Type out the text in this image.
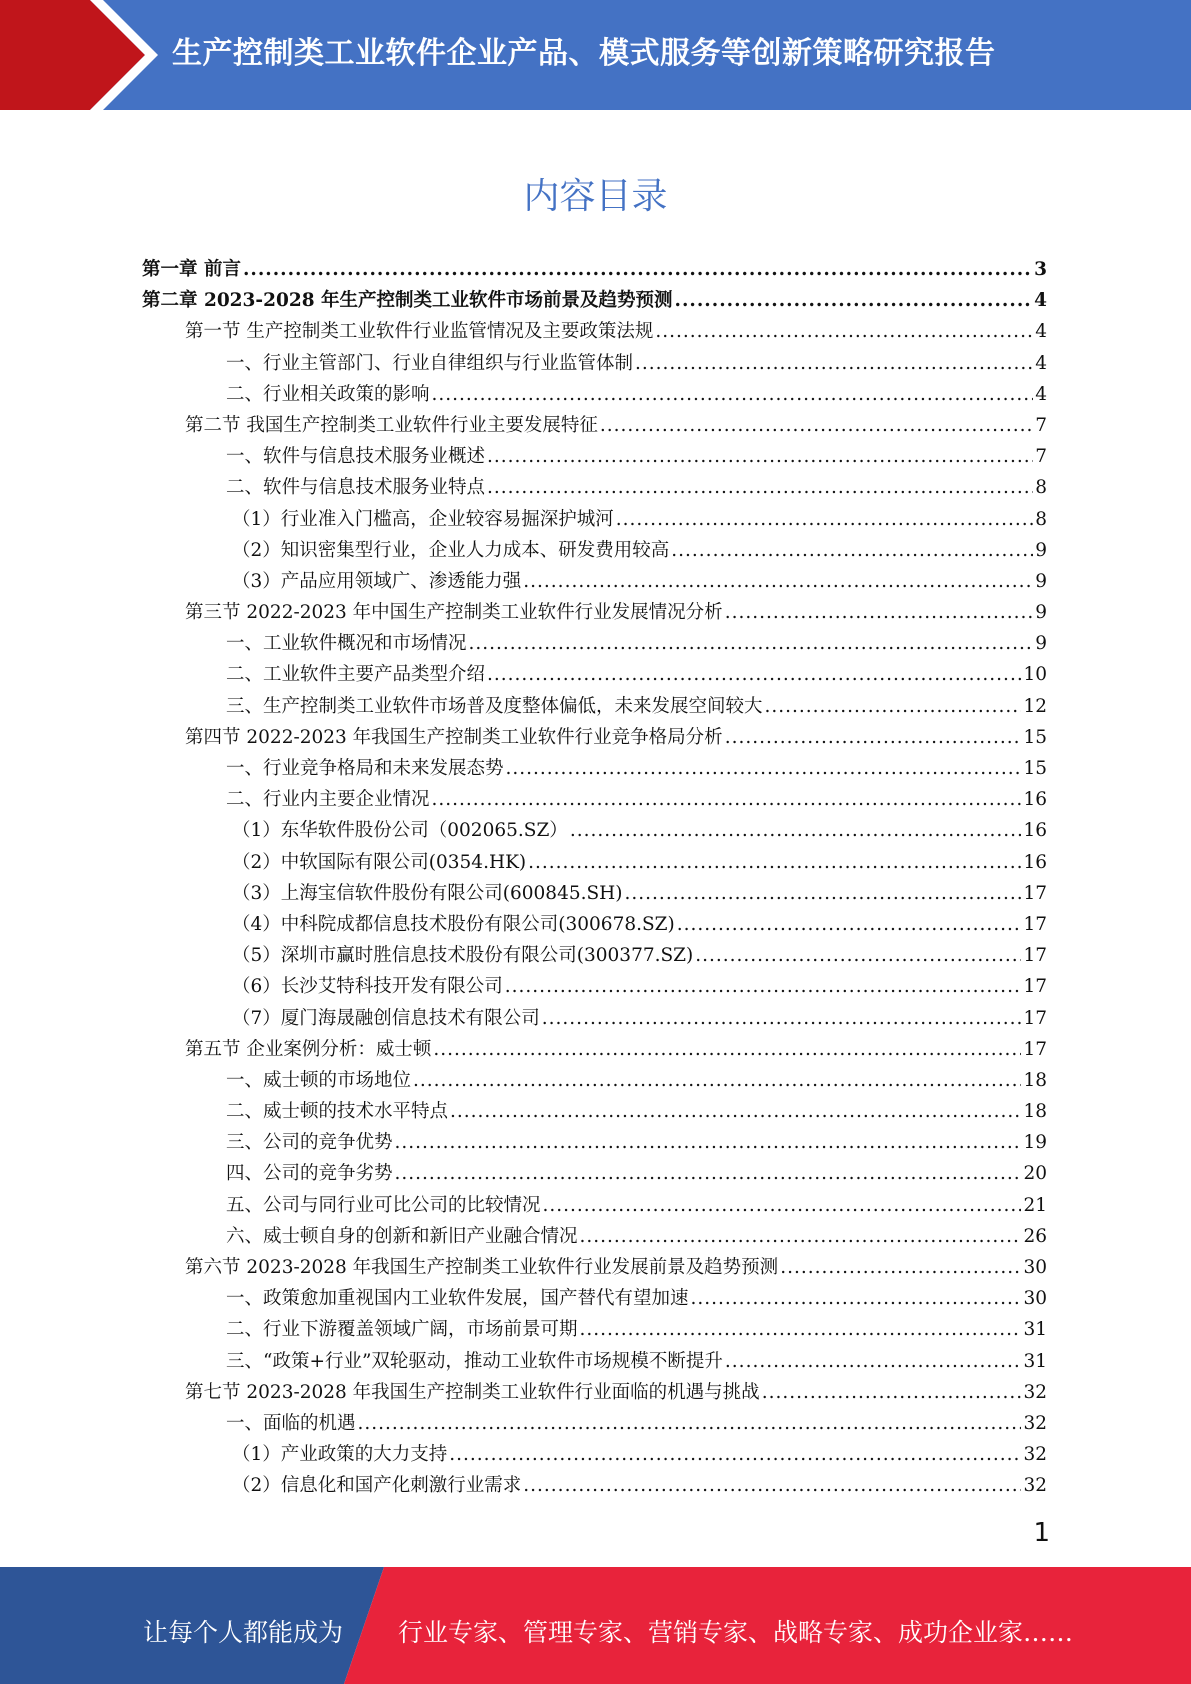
生产控制类工业软件企业产品、模式服务等创新策略研究报告
内容目录
第一章 前言 .....	3
第二章 2023-2028 年生产控制类工业软件市场前景及趋势预测 .....	4
第一节 生产控制类工业软件行业监管情况及主要政策法规 .....	4
一、行业主管部门、行业自律组织与行业监管体制 .....	4
二、行业相关政策的影响 .....	4
第二节 我国生产控制类工业软件行业主要发展特征 .....	7
一、软件与信息技术服务业概述 .....	7
二、软件与信息技术服务业特点 .....	8
（1）行业准入门槛高，企业较容易掘深护城河 .....	8
（2）知识密集型行业，企业人力成本、研发费用较高 .....	9
（3）产品应用领域广、渗透能力强 .....	9
第三节 2022-2023 年中国生产控制类工业软件行业发展情况分析 .....	9
一、工业软件概况和市场情况 .....	9
二、工业软件主要产品类型介绍 .....	10
三、生产控制类工业软件市场普及度整体偏低，未来发展空间较大 .....	12
第四节 2022-2023 年我国生产控制类工业软件行业竞争格局分析 .....	15
一、行业竞争格局和未来发展态势 .....	15
二、行业内主要企业情况 .....	16
（1）东华软件股份公司（002065.SZ） .....	16
（2）中软国际有限公司(0354.HK) .....	16
（3）上海宝信软件股份有限公司(600845.SH) .....	17
（4）中科院成都信息技术股份有限公司(300678.SZ) .....	17
（5）深圳市赢时胜信息技术股份有限公司(300377.SZ) .....	17
（6）长沙艾特科技开发有限公司 .....	17
（7）厦门海晟融创信息技术有限公司 .....	17
第五节 企业案例分析：威士顿 .....	17
一、威士顿的市场地位 .....	18
二、威士顿的技术水平特点 .....	18
三、公司的竞争优势 .....	19
四、公司的竞争劣势 .....	20
五、公司与同行业可比公司的比较情况 .....	21
六、威士顿自身的创新和新旧产业融合情况 .....	26
第六节 2023-2028 年我国生产控制类工业软件行业发展前景及趋势预测 .....	30
一、政策愈加重视国内工业软件发展，国产替代有望加速 .....	30
二、行业下游覆盖领域广阔，市场前景可期 .....	31
三、“政策+行业”双轮驱动，推动工业软件市场规模不断提升 .....	31
第七节 2023-2028 年我国生产控制类工业软件行业面临的机遇与挑战 .....	32
一、面临的机遇 .....	32
（1）产业政策的大力支持 .....	32
（2）信息化和国产化刺激行业需求 .....	32
1
让每个人都能成为 行业专家、管理专家、营销专家、战略专家、成功企业家……
